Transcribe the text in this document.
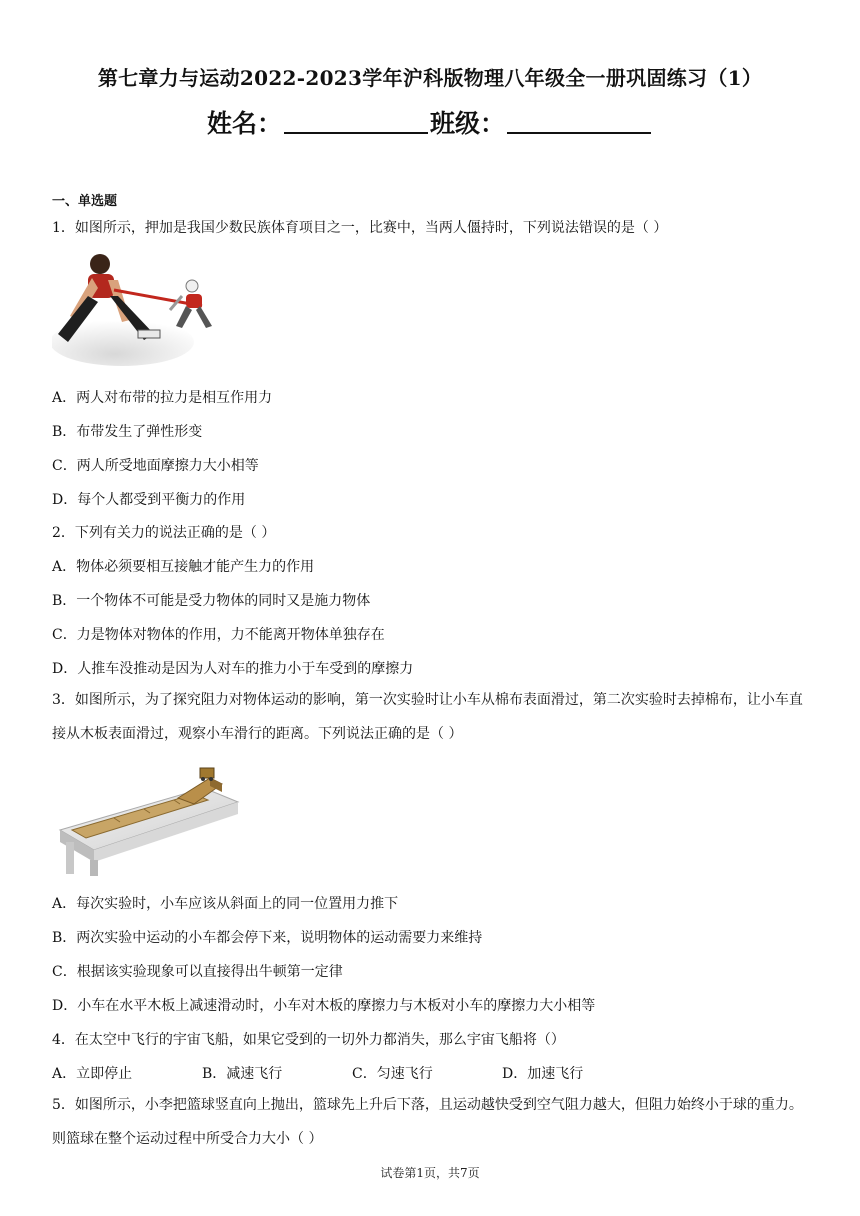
第七章力与运动2022-2023学年沪科版物理八年级全一册巩固练习（1）
姓名：	班级：
一、单选题
1．如图所示，押加是我国少数民族体育项目之一，比赛中，当两人僵持时，下列说法错误的是（ ）
A．两人对布带的拉力是相互作用力
B．布带发生了弹性形变
C．两人所受地面摩擦力大小相等
D．每个人都受到平衡力的作用
2．下列有关力的说法正确的是（ ）
A．物体必须要相互接触才能产生力的作用
B．一个物体不可能是受力物体的同时又是施力物体
C．力是物体对物体的作用，力不能离开物体单独存在
D．人推车没推动是因为人对车的推力小于车受到的摩擦力
3．如图所示，为了探究阻力对物体运动的影响，第一次实验时让小车从棉布表面滑过，第二次实验时去掉棉布，让小车直接从木板表面滑过，观察小车滑行的距离。下列说法正确的是（ ）
A．每次实验时，小车应该从斜面上的同一位置用力推下
B．两次实验中运动的小车都会停下来，说明物体的运动需要力来维持
C．根据该实验现象可以直接得出牛顿第一定律
D．小车在水平木板上减速滑动时，小车对木板的摩擦力与木板对小车的摩擦力大小相等
4．在太空中飞行的宇宙飞船，如果它受到的一切外力都消失，那么宇宙飞船将（）
A．立即停止	B．减速飞行	C．匀速飞行	D．加速飞行
5．如图所示，小李把篮球竖直向上抛出，篮球先上升后下落，且运动越快受到空气阻力越大，但阻力始终小于球的重力。则篮球在整个运动过程中所受合力大小（ ）
试卷第1页，共7页
